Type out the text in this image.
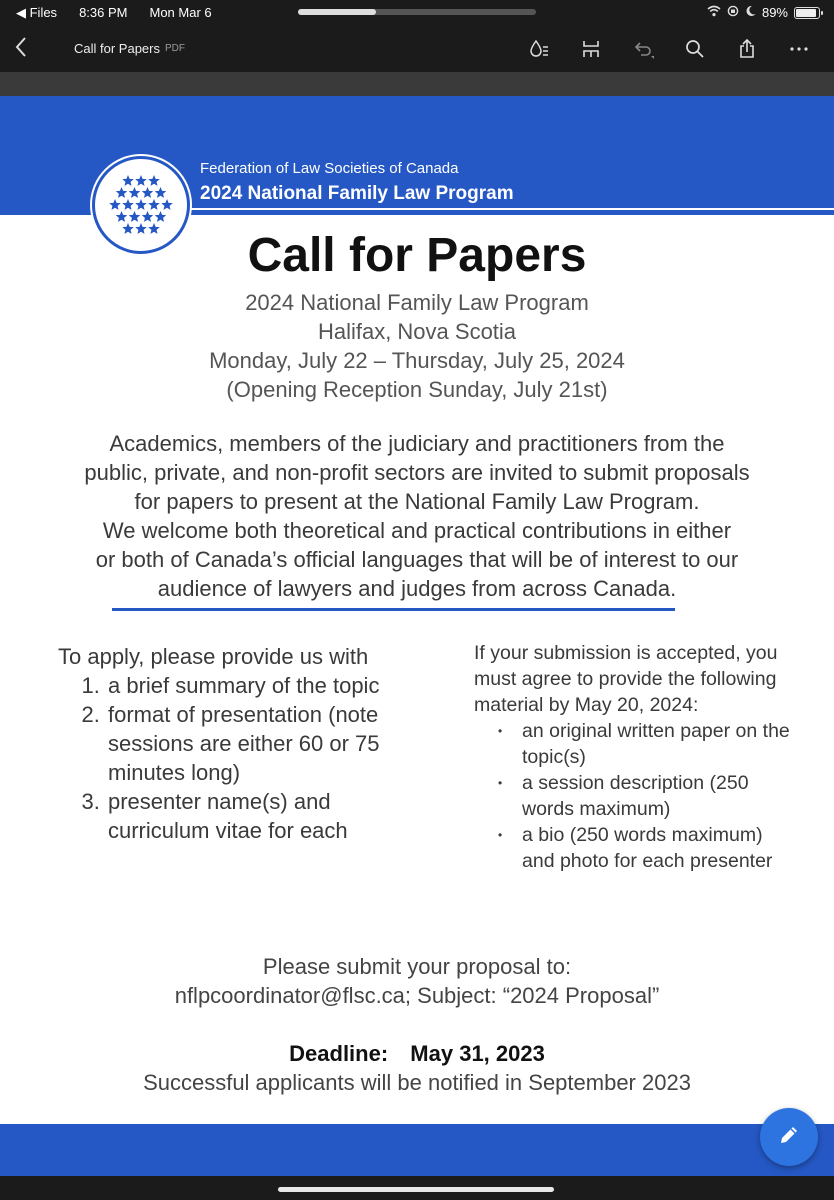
◀ Files 8:36 PM Mon Mar 6	89%
Call for Papers PDF
Federation of Law Societies of Canada
2024 National Family Law Program
Call for Papers
2024 National Family Law Program
Halifax, Nova Scotia
Monday, July 22 – Thursday, July 25, 2024
(Opening Reception Sunday, July 21st)
Academics, members of the judiciary and practitioners from the
public, private, and non-profit sectors are invited to submit proposals
for papers to present at the National Family Law Program.
We welcome both theoretical and practical contributions in either
or both of Canada’s official languages that will be of interest to our
audience of lawyers and judges from across Canada.
To apply, please provide us with
1. a brief summary of the topic
2. format of presentation (note sessions are either 60 or 75 minutes long)
3. presenter name(s) and curriculum vitae for each
If your submission is accepted, you must agree to provide the following material by May 20, 2024:
• an original written paper on the topic(s)
• a session description (250 words maximum)
• a bio (250 words maximum) and photo for each presenter
Please submit your proposal to:
nflpcoordinator@flsc.ca; Subject: “2024 Proposal”
Deadline: May 31, 2023
Successful applicants will be notified in September 2023
